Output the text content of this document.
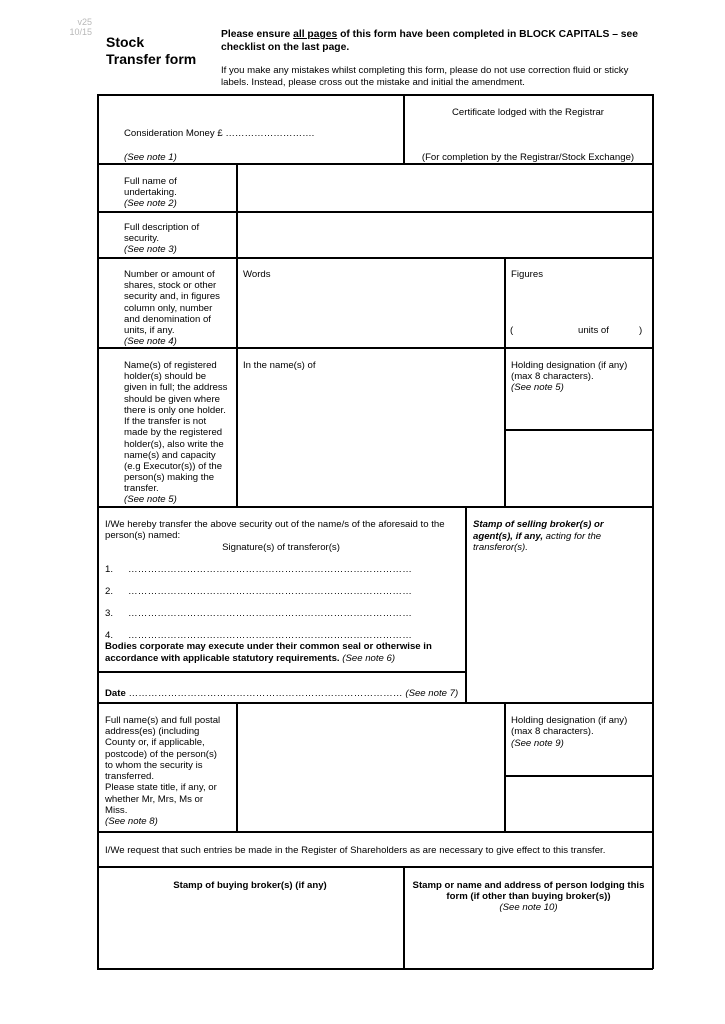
v25
10/15
Stock
Transfer form
Please ensure all pages of this form have been completed in BLOCK CAPITALS – see checklist on the last page.
If you make any mistakes whilst completing this form, please do not use correction fluid or sticky labels. Instead, please cross out the mistake and initial the amendment.
Consideration Money £ ……………………….
(See note 1)
Certificate lodged with the Registrar
(For completion by the Registrar/Stock Exchange)
Full name of
undertaking.
(See note 2)
Full description of
security.
(See note 3)
Number or amount of
shares, stock or other
security and, in figures
column only, number
and denomination of
units, if any.
(See note 4)
Words	Figures
(	units of	)
Name(s) of registered
holder(s) should be
given in full; the address
should be given where
there is only one holder.
If the transfer is not
made by the registered
holder(s), also write the
name(s) and capacity
(e.g Executor(s)) of the
person(s) making the
transfer.
(See note 5)
In the name(s) of	Holding designation (if any)
(max 8 characters).
(See note 5)
I/We hereby transfer the above security out of the name/s of the aforesaid to the person(s) named:
Signature(s) of transferor(s)
1. ……………………………………………………………………………
2. ……………………………………………………………………………
3. ……………………………………………………………………………
4. ……………………………………………………………………………
Bodies corporate may execute under their common seal or otherwise in accordance with applicable statutory requirements. (See note 6)
Date ………………………………………………………………………… (See note 7)
Stamp of selling broker(s) or agent(s), if any, acting for the transferor(s).
Full name(s) and full postal
address(es) (including
County or, if applicable,
postcode) of the person(s)
to whom the security is
transferred.
Please state title, if any, or
whether Mr, Mrs, Ms or
Miss.
(See note 8)
Holding designation (if any)
(max 8 characters).
(See note 9)
I/We request that such entries be made in the Register of Shareholders as are necessary to give effect to this transfer.
Stamp of buying broker(s) (if any)	Stamp or name and address of person lodging this form (if other than buying broker(s))
(See note 10)
